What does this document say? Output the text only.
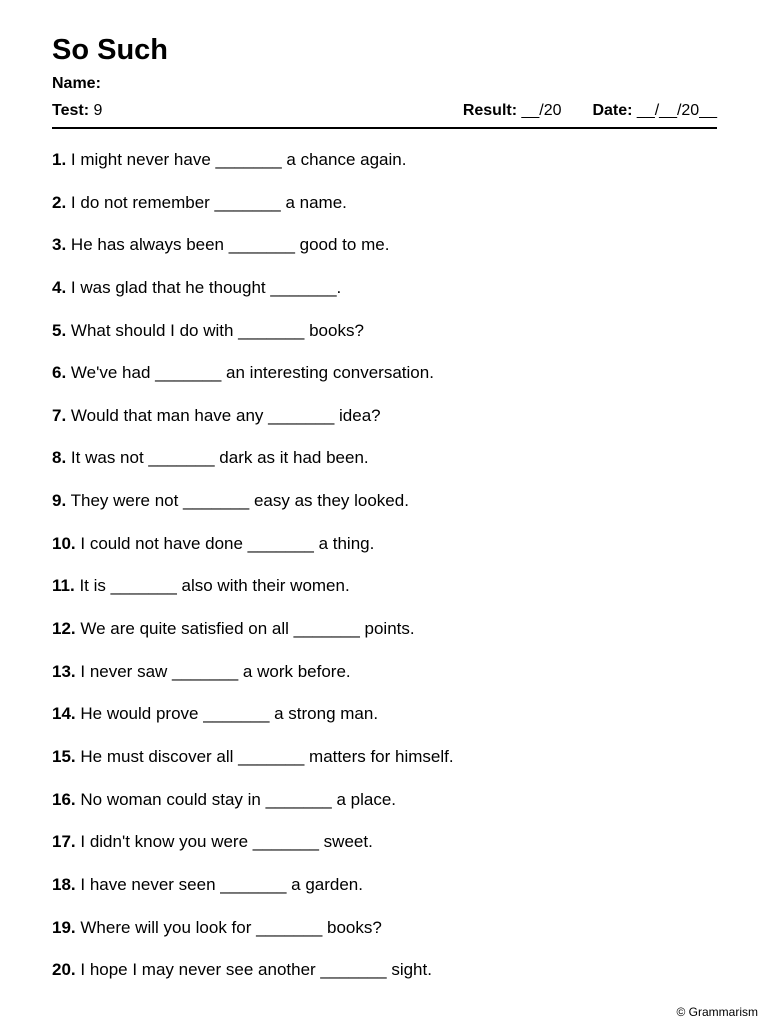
So Such
Name:
Test: 9	Result: __/20 Date: __/__/20__
1. I might never have _______ a chance again.
2. I do not remember _______ a name.
3. He has always been _______ good to me.
4. I was glad that he thought _______.
5. What should I do with _______ books?
6. We've had _______ an interesting conversation.
7. Would that man have any _______ idea?
8. It was not _______ dark as it had been.
9. They were not _______ easy as they looked.
10. I could not have done _______ a thing.
11. It is _______ also with their women.
12. We are quite satisfied on all _______ points.
13. I never saw _______ a work before.
14. He would prove _______ a strong man.
15. He must discover all _______ matters for himself.
16. No woman could stay in _______ a place.
17. I didn't know you were _______ sweet.
18. I have never seen _______ a garden.
19. Where will you look for _______ books?
20. I hope I may never see another _______ sight.
© Grammarism
